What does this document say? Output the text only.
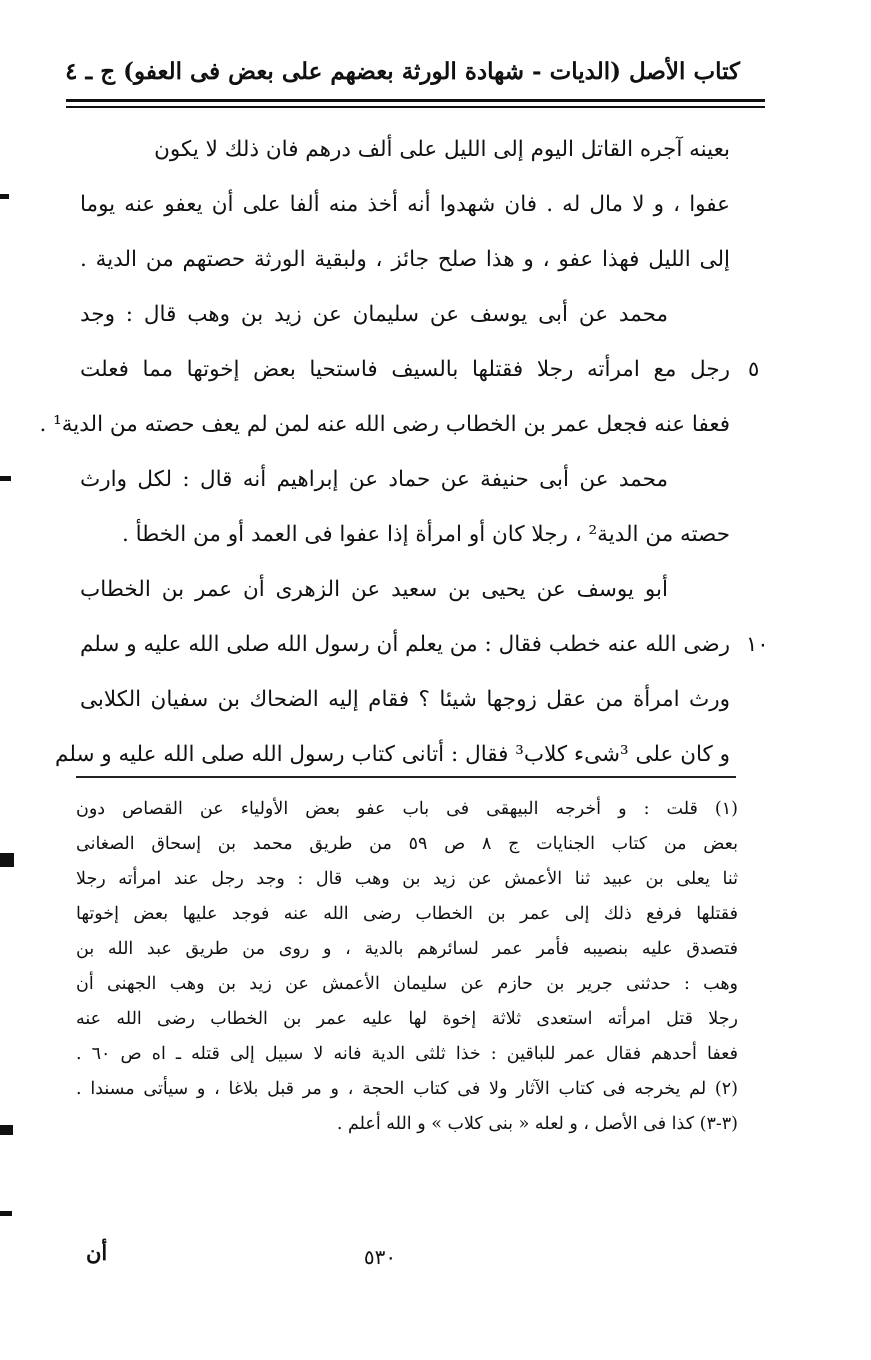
كتاب الأصل (الديات - شهادة الورثة بعضهم على بعض فى العفو) ج ـ ٤
بعينه آجره القاتل اليوم إلى الليل على ألف درهم فان ذلك لا يكون
عفوا ، و لا مال له . فان شهدوا أنه أخذ منه ألفا على أن يعفو عنه يوما
إلى الليل فهذا عفو ، و هذا صلح جائز ، ولبقية الورثة حصتهم من الدية .
محمد عن أبى يوسف عن سليمان عن زيد بن وهب قال : وجد
رجل مع امرأته رجلا فقتلها بالسيف فاستحيا بعض إخوتها مما فعلت
فعفا عنه فجعل عمر بن الخطاب رضى الله عنه لمن لم يعف حصته من الدية¹ .
محمد عن أبى حنيفة عن حماد عن إبراهيم أنه قال : لكل وارث
حصته من الدية² ، رجلا كان أو امرأة إذا عفوا فى العمد أو من الخطأ .
أبو يوسف عن يحيى بن سعيد عن الزهرى أن عمر بن الخطاب
رضى الله عنه خطب فقال : من يعلم أن رسول الله صلى الله عليه و سلم
ورث امرأة من عقل زوجها شيئا ؟ فقام إليه الضحاك بن سفيان الكلابى
و كان على ³شىء كلاب³ فقال : أتانى كتاب رسول الله صلى الله عليه و سلم
٥
١٠
(١) قلت : و أخرجه البيهقى فى باب عفو بعض الأولياء عن القصاص دون
بعض من كتاب الجنايات ج ٨ ص ٥٩ من طريق محمد بن إسحاق الصغانى
ثنا يعلى بن عبيد ثنا الأعمش عن زيد بن وهب قال : وجد رجل عند امرأته رجلا
فقتلها فرفع ذلك إلى عمر بن الخطاب رضى الله عنه فوجد عليها بعض إخوتها
فتصدق عليه بنصيبه فأمر عمر لسائرهم بالدية ، و روى من طريق عبد الله بن
وهب : حدثنى جرير بن حازم عن سليمان الأعمش عن زيد بن وهب الجهنى أن
رجلا قتل امرأته استعدى ثلاثة إخوة لها عليه عمر بن الخطاب رضى الله عنه
فعفا أحدهم فقال عمر للباقين : خذا ثلثى الدية فانه لا سبيل إلى قتله ـ اه ص ٦٠ .
(٢) لم يخرجه فى كتاب الآثار ولا فى كتاب الحجة ، و مر قبل بلاغا ، و سيأتى مسندا .
(٣-٣) كذا فى الأصل ، و لعله « بنى كلاب » و الله أعلم .
٥٣٠
أن
